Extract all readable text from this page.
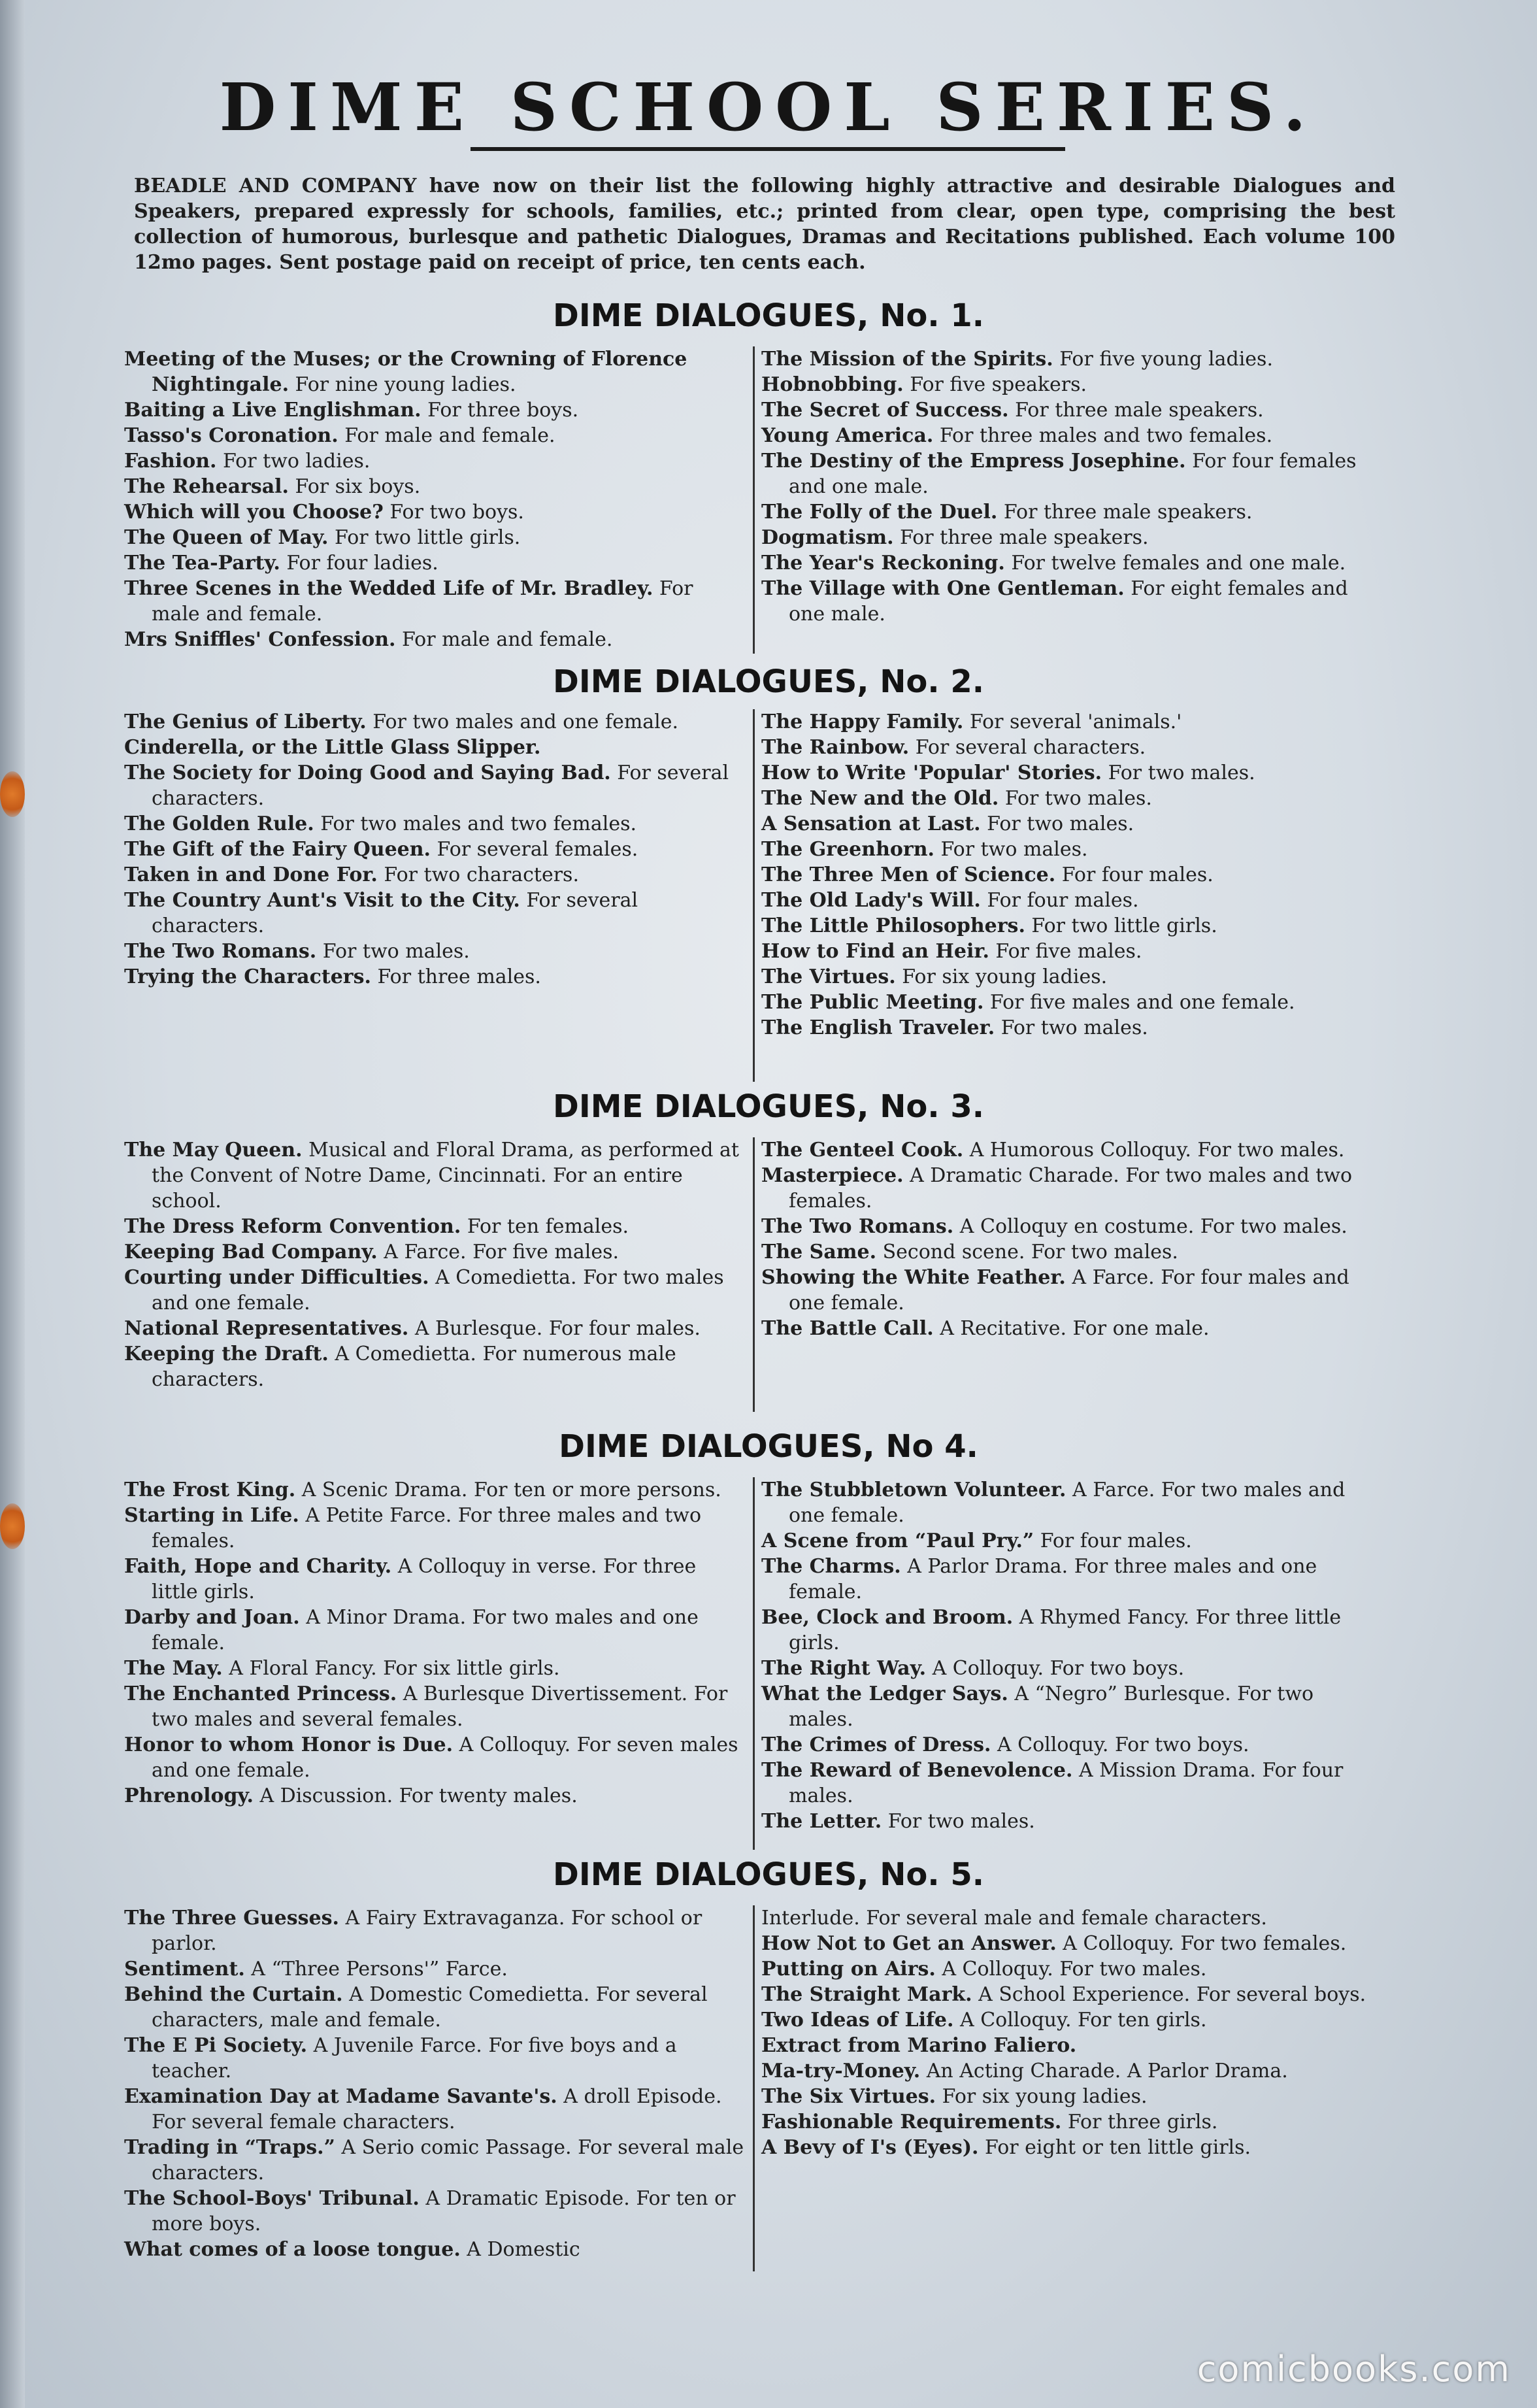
DIME SCHOOL SERIES.
BEADLE AND COMPANY have now on their list the following highly attractive and desirable Dialogues and Speakers, prepared expressly for schools, families, etc.; printed from clear, open type, comprising the best collection of humorous, burlesque and pathetic Dialogues, Dramas and Recitations published. Each volume 100 12mo pages. Sent postage paid on receipt of price, ten cents each.
comicbooks.com
DIME DIALOGUES, No. 1.

Meeting of the Muses; or the Crowning of Florence Nightingale. For nine young ladies.

Baiting a Live Englishman. For three boys.

Tasso's Coronation. For male and female.

Fashion. For two ladies.

The Rehearsal. For six boys.

Which will you Choose? For two boys.

The Queen of May. For two little girls.

The Tea-Party. For four ladies.

Three Scenes in the Wedded Life of Mr. Bradley. For male and female.

Mrs Sniffles' Confession. For male and female.

The Mission of the Spirits. For five young ladies.

Hobnobbing. For five speakers.

The Secret of Success. For three male speakers.

Young America. For three males and two females.

The Destiny of the Empress Josephine. For four females and one male.

The Folly of the Duel. For three male speakers.

Dogmatism. For three male speakers.

The Year's Reckoning. For twelve females and one male.

The Village with One Gentleman. For eight females and one male.

DIME DIALOGUES, No. 2.

The Genius of Liberty. For two males and one female.

Cinderella, or the Little Glass Slipper.

The Society for Doing Good and Saying Bad. For several characters.

The Golden Rule. For two males and two females.

The Gift of the Fairy Queen. For several females.

Taken in and Done For. For two characters.

The Country Aunt's Visit to the City. For several characters.

The Two Romans. For two males.

Trying the Characters. For three males.

The Happy Family. For several 'animals.'

The Rainbow. For several characters.

How to Write 'Popular' Stories. For two males.

The New and the Old. For two males.

A Sensation at Last. For two males.

The Greenhorn. For two males.

The Three Men of Science. For four males.

The Old Lady's Will. For four males.

The Little Philosophers. For two little girls.

How to Find an Heir. For five males.

The Virtues. For six young ladies.

The Public Meeting. For five males and one female.

The English Traveler. For two males.

DIME DIALOGUES, No. 3.

The May Queen. Musical and Floral Drama, as performed at the Convent of Notre Dame, Cincinnati. For an entire school.

The Dress Reform Convention. For ten females.

Keeping Bad Company. A Farce. For five males.

Courting under Difficulties. A Comedietta. For two males and one female.

National Representatives. A Burlesque. For four males.

Keeping the Draft. A Comedietta. For numerous male characters.

The Genteel Cook. A Humorous Colloquy. For two males.

Masterpiece. A Dramatic Charade. For two males and two females.

The Two Romans. A Colloquy en costume. For two males.

The Same. Second scene. For two males.

Showing the White Feather. A Farce. For four males and one female.

The Battle Call. A Recitative. For one male.

DIME DIALOGUES, No 4.

The Frost King. A Scenic Drama. For ten or more persons.

Starting in Life. A Petite Farce. For three males and two females.

Faith, Hope and Charity. A Colloquy in verse. For three little girls.

Darby and Joan. A Minor Drama. For two males and one female.

The May. A Floral Fancy. For six little girls.

The Enchanted Princess. A Burlesque Divertissement. For two males and several females.

Honor to whom Honor is Due. A Colloquy. For seven males and one female.

Phrenology. A Discussion. For twenty males.

The Stubbletown Volunteer. A Farce. For two males and one female.

A Scene from “Paul Pry.” For four males.

The Charms. A Parlor Drama. For three males and one female.

Bee, Clock and Broom. A Rhymed Fancy. For three little girls.

The Right Way. A Colloquy. For two boys.

What the Ledger Says. A “Negro” Burlesque. For two males.

The Crimes of Dress. A Colloquy. For two boys.

The Reward of Benevolence. A Mission Drama. For four males.

The Letter. For two males.

DIME DIALOGUES, No. 5.

The Three Guesses. A Fairy Extravaganza. For school or parlor.

Sentiment. A “Three Persons'” Farce.

Behind the Curtain. A Domestic Comedietta. For several characters, male and female.

The E Pi Society. A Juvenile Farce. For five boys and a teacher.

Examination Day at Madame Savante's. A droll Episode. For several female characters.

Trading in “Traps.” A Serio comic Passage. For several male characters.

The School-Boys' Tribunal. A Dramatic Episode. For ten or more boys.

What comes of a loose tongue. A Domestic

Interlude. For several male and female characters.

How Not to Get an Answer. A Colloquy. For two females.

Putting on Airs. A Colloquy. For two males.

The Straight Mark. A School Experience. For several boys.

Two Ideas of Life. A Colloquy. For ten girls.

Extract from Marino Faliero.

Ma-try-Money. An Acting Charade. A Parlor Drama.

The Six Virtues. For six young ladies.

Fashionable Requirements. For three girls.

A Bevy of I's (Eyes). For eight or ten little girls.
